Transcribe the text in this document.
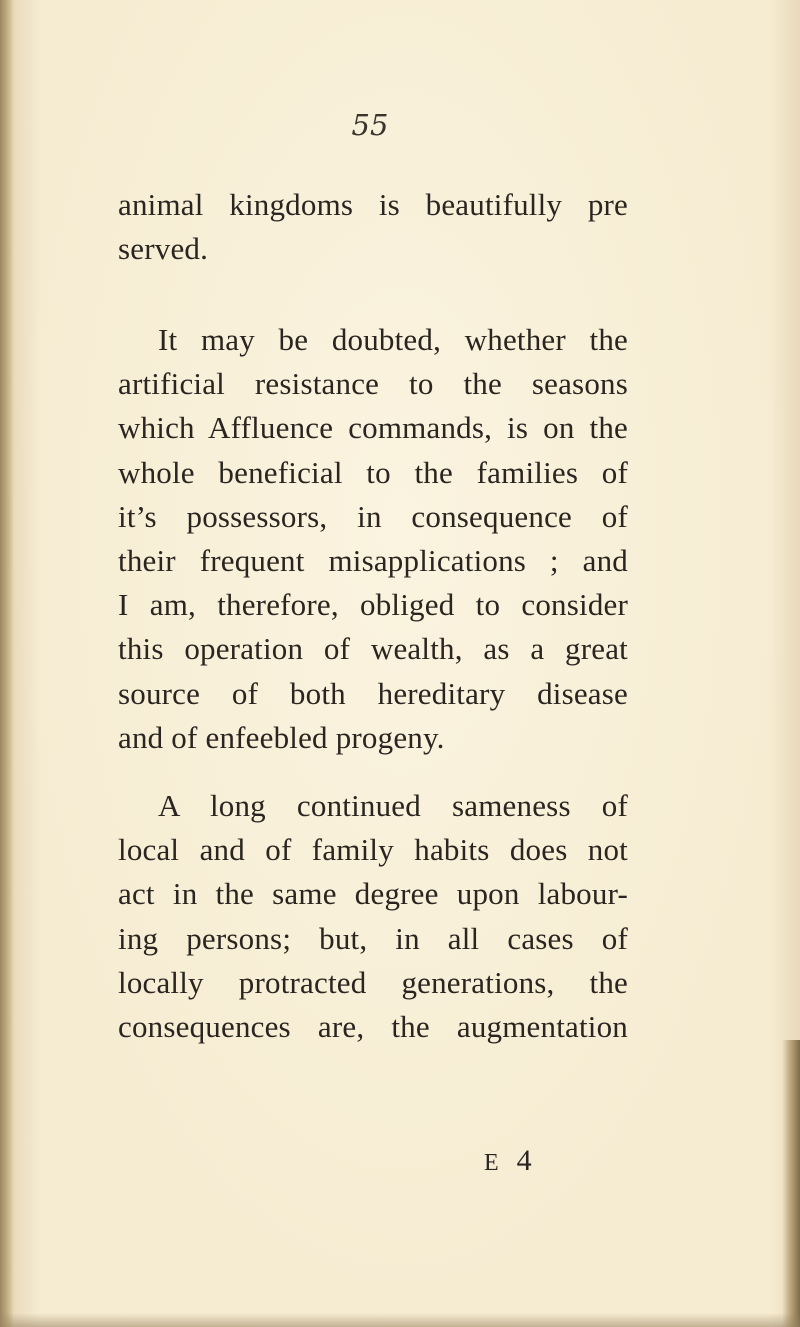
55
animal kingdoms is beautifully pre
served.
It may be doubted, whether the
artificial resistance to the seasons
which Affluence commands, is on the
whole beneficial to the families of
it’s possessors, in consequence of
their frequent misapplications ; and
I am, therefore, obliged to consider
this operation of wealth, as a great
source of both hereditary disease
and of enfeebled progeny.
A long continued sameness of
local and of family habits does not
act in the same degree upon labour-
ing persons; but, in all cases of
locally protracted generations, the
consequences are, the augmentation
E 4
